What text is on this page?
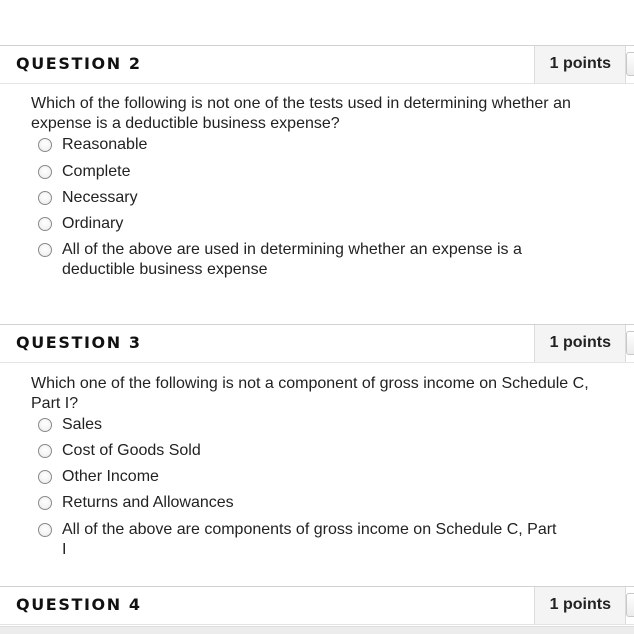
QUESTION 2	1 points
Which of the following is not one of the tests used in determining whether an expense is a deductible business expense?
Reasonable
Complete
Necessary
Ordinary
All of the above are used in determining whether an expense is a deductible business expense
QUESTION 3	1 points
Which one of the following is not a component of gross income on Schedule C, Part I?
Sales
Cost of Goods Sold
Other Income
Returns and Allowances
All of the above are components of gross income on Schedule C, Part I
QUESTION 4	1 points
